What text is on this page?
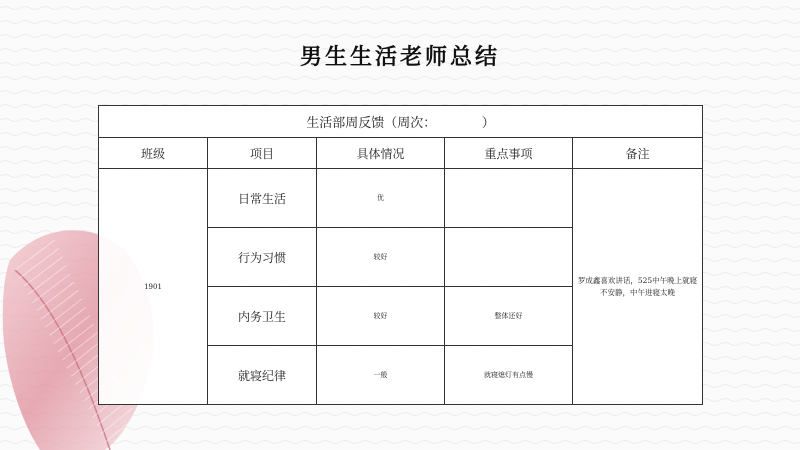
男生生活老师总结
生活部周反馈（周次：　　　　）				
班级	项目	具体情况	重点事项	备注
1901	日常生活	优		罗成鑫喜欢讲话，525中午晚上就寝不安静，中午进寝太晚
	行为习惯	较好		
	内务卫生	较好	整体还好	
	就寝纪律	一般	就寝熄灯有点慢	
